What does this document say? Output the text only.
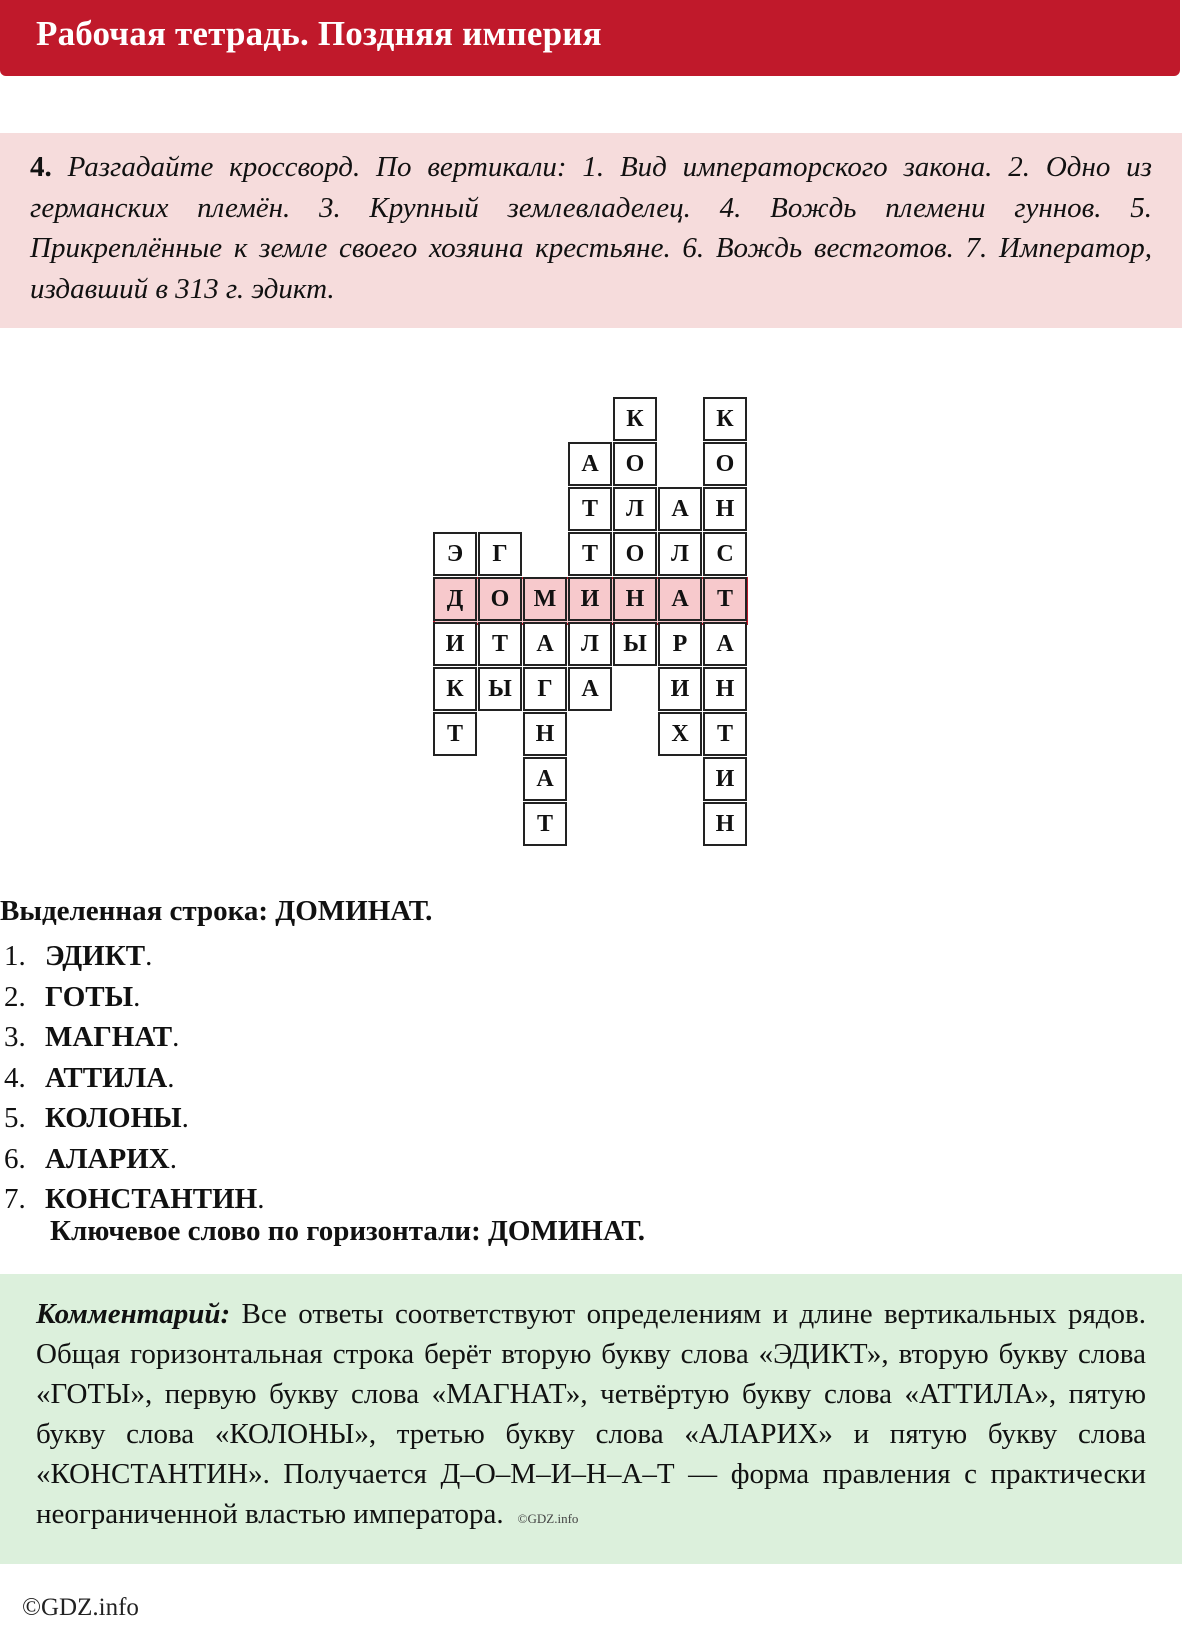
Рабочая тетрадь. Поздняя империя
4. Разгадайте кроссворд. По вертикали: 1. Вид императорского закона. 2. Одно из германских племён. 3. Крупный землевладелец. 4. Вождь племени гуннов. 5. Прикреплённые к земле своего хозяина крестьяне. 6. Вождь вестготов. 7. Император, издавший в 313 г. эдикт.
Э
Д
И
К
Т
Г
О
Т
Ы
М
А
Г
Н
А
Т
А
Т
Т
И
Л
А
К
О
Л
О
Н
Ы
А
Л
А
Р
И
Х
К
О
Н
С
Т
А
Н
Т
И
Н
Выделенная строка: ДОМИНАТ.
1. ЭДИКТ.
2. ГОТЫ.
3. МАГНАТ.
4. АТТИЛА.
5. КОЛОНЫ.
6. АЛАРИХ.
7. КОНСТАНТИН.
Ключевое слово по горизонтали: ДОМИНАТ.
Комментарий: Все ответы соответствуют определениям и длине вертикальных рядов. Общая горизонтальная строка берёт вторую букву слова «ЭДИКТ», вторую букву слова «ГОТЫ», первую букву слова «МАГНАТ», четвёртую букву слова «АТТИЛА», пятую букву слова «КОЛОНЫ», третью букву слова «АЛАРИХ» и пятую букву слова «КОНСТАНТИН». Получается Д–О–М–И–Н–А–Т — форма правления с практически неограниченной властью императора. ©GDZ.info
©GDZ.info
